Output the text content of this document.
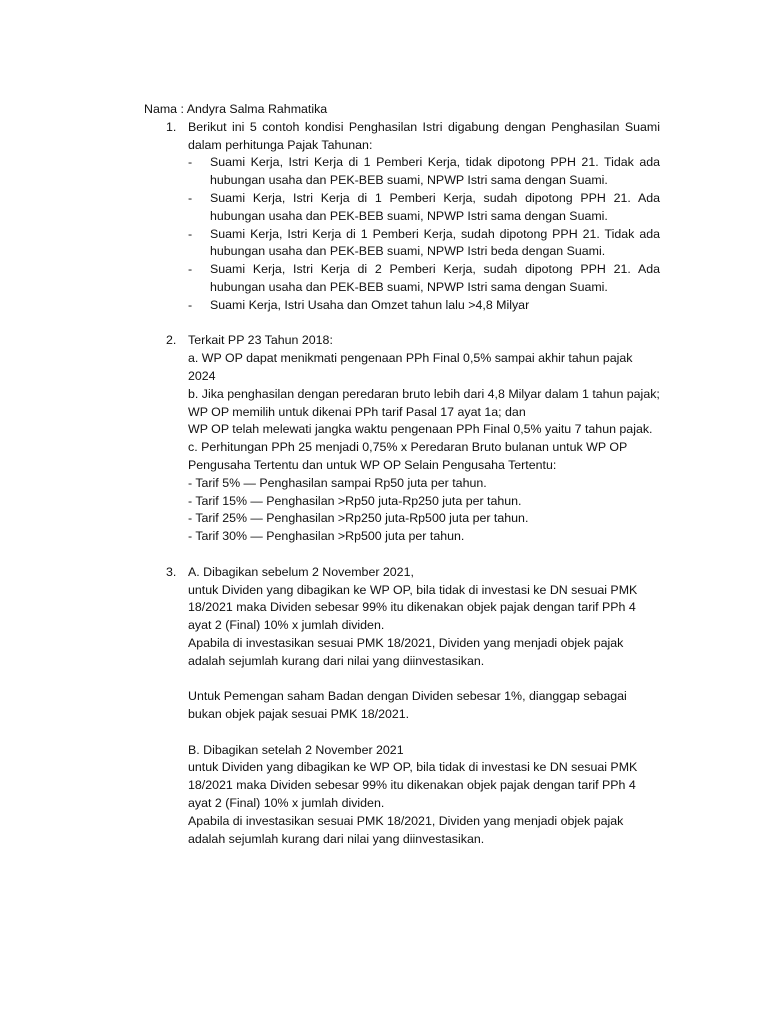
Nama : Andyra Salma Rahmatika

1. Berikut ini 5 contoh kondisi Penghasilan Istri digabung dengan Penghasilan Suami dalam perhitunga Pajak Tahunan:

-	Suami Kerja, Istri Kerja di 1 Pemberi Kerja, tidak dipotong PPH 21. Tidak ada hubungan usaha dan PEK-BEB suami, NPWP Istri sama dengan Suami.
-	Suami Kerja, Istri Kerja di 1 Pemberi Kerja, sudah dipotong PPH 21. Ada hubungan usaha dan PEK-BEB suami, NPWP Istri sama dengan Suami.
-	Suami Kerja, Istri Kerja di 1 Pemberi Kerja, sudah dipotong PPH 21. Tidak ada hubungan usaha dan PEK-BEB suami, NPWP Istri beda dengan Suami.
-	Suami Kerja, Istri Kerja di 2 Pemberi Kerja, sudah dipotong PPH 21. Ada hubungan usaha dan PEK-BEB suami, NPWP Istri sama dengan Suami.
-	Suami Kerja, Istri Usaha dan Omzet tahun lalu >4,8 Milyar
2. Terkait PP 23 Tahun 2018:

a. WP OP dapat menikmati pengenaan PPh Final 0,5% sampai akhir tahun pajak 2024

b. Jika penghasilan dengan peredaran bruto lebih dari 4,8 Milyar dalam 1 tahun pajak;

WP OP memilih untuk dikenai PPh tarif Pasal 17 ayat 1a; dan

WP OP telah melewati jangka waktu pengenaan PPh Final 0,5% yaitu 7 tahun pajak.

c. Perhitungan PPh 25 menjadi 0,75% x Peredaran Bruto bulanan untuk WP OP Pengusaha Tertentu dan untuk WP OP Selain Pengusaha Tertentu:

- Tarif 5% — Penghasilan sampai Rp50 juta per tahun.

- Tarif 15% — Penghasilan >Rp50 juta-Rp250 juta per tahun.

- Tarif 25% — Penghasilan >Rp250 juta-Rp500 juta per tahun.

- Tarif 30% — Penghasilan >Rp500 juta per tahun.

3. A. Dibagikan sebelum 2 November 2021,

untuk Dividen yang dibagikan ke WP OP, bila tidak di investasi ke DN sesuai PMK 18/2021 maka Dividen sebesar 99% itu dikenakan objek pajak dengan tarif PPh 4 ayat 2 (Final) 10% x jumlah dividen.

Apabila di investasikan sesuai PMK 18/2021, Dividen yang menjadi objek pajak adalah sejumlah kurang dari nilai yang diinvestasikan.

Untuk Pemengan saham Badan dengan Dividen sebesar 1%, dianggap sebagai bukan objek pajak sesuai PMK 18/2021.

B. Dibagikan setelah 2 November 2021

untuk Dividen yang dibagikan ke WP OP, bila tidak di investasi ke DN sesuai PMK 18/2021 maka Dividen sebesar 99% itu dikenakan objek pajak dengan tarif PPh 4 ayat 2 (Final) 10% x jumlah dividen.

Apabila di investasikan sesuai PMK 18/2021, Dividen yang menjadi objek pajak adalah sejumlah kurang dari nilai yang diinvestasikan.
